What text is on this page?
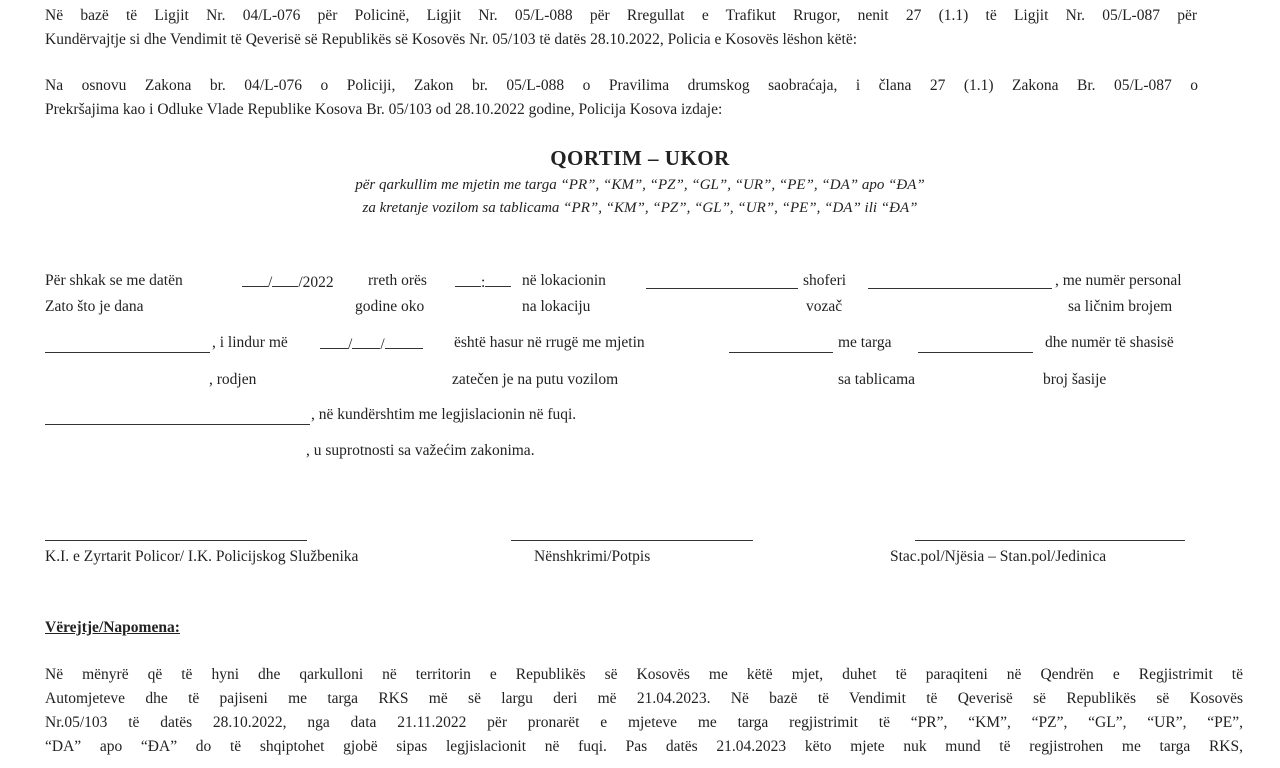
Në bazë të Ligjit Nr. 04/L-076 për Policinë, Ligjit Nr. 05/L-088 për Rregullat e Trafikut Rrugor, nenit 27 (1.1) të Ligjit Nr. 05/L-087 për
Kundërvajtje si dhe Vendimit të Qeverisë së Republikës së Kosovës Nr. 05/103 të datës 28.10.2022, Policia e Kosovës lëshon këtë:
Na osnovu Zakona br. 04/L-076 o Policiji, Zakon br. 05/L-088 o Pravilima drumskog saobraćaja, i člana 27 (1.1) Zakona Br. 05/L-087 o
Prekršajima kao i Odluke Vlade Republike Kosova Br. 05/103 od 28.10.2022 godine, Policija Kosova izdaje:
QORTIM – UKOR
për qarkullim me mjetin me targa “PR”, “KM”, “PZ”, “GL”, “UR”, “PE”, “DA” apo “ĐA”
za kretanje vozilom sa tablicama “PR”, “KM”, “PZ”, “GL”, “UR”, “PE”, “DA” ili “ĐA”
Për shkak se me datën	/ /2022 rreth orës	:	në lokacionin	shoferi	, me numër personal
Zato što je dana	godine oko	na lokaciju	vozač	sa ličnim brojem
, i lindur më	/ /	është hasur në rrugë me mjetin	me targa	dhe numër të shasisë
, rodjen	zatečen je na putu vozilom	sa tablicama	broj šasije
, në kundërshtim me legjislacionin në fuqi.
, u suprotnosti sa važećim zakonima.
K.I. e Zyrtarit Policor/ I.K. Policijskog Službenika	Nënshkrimi/Potpis	Stac.pol/Njësia – Stan.pol/Jedinica
Vërejtje/Napomena:
Në mënyrë që të hyni dhe qarkulloni në territorin e Republikës së Kosovës me këtë mjet, duhet të paraqiteni në Qendrën e Regjistrimit të
Automjeteve dhe të pajiseni me targa RKS më së largu deri më 21.04.2023. Në bazë të Vendimit të Qeverisë së Republikës së Kosovës
Nr.05/103 të datës 28.10.2022, nga data 21.11.2022 për pronarët e mjeteve me targa regjistrimit të “PR”, “KM”, “PZ”, “GL”, “UR”, “PE”,
“DA” apo “ĐA” do të shqiptohet gjobë sipas legjislacionit në fuqi. Pas datës 21.04.2023 këto mjete nuk mund të regjistrohen me targa RKS,
